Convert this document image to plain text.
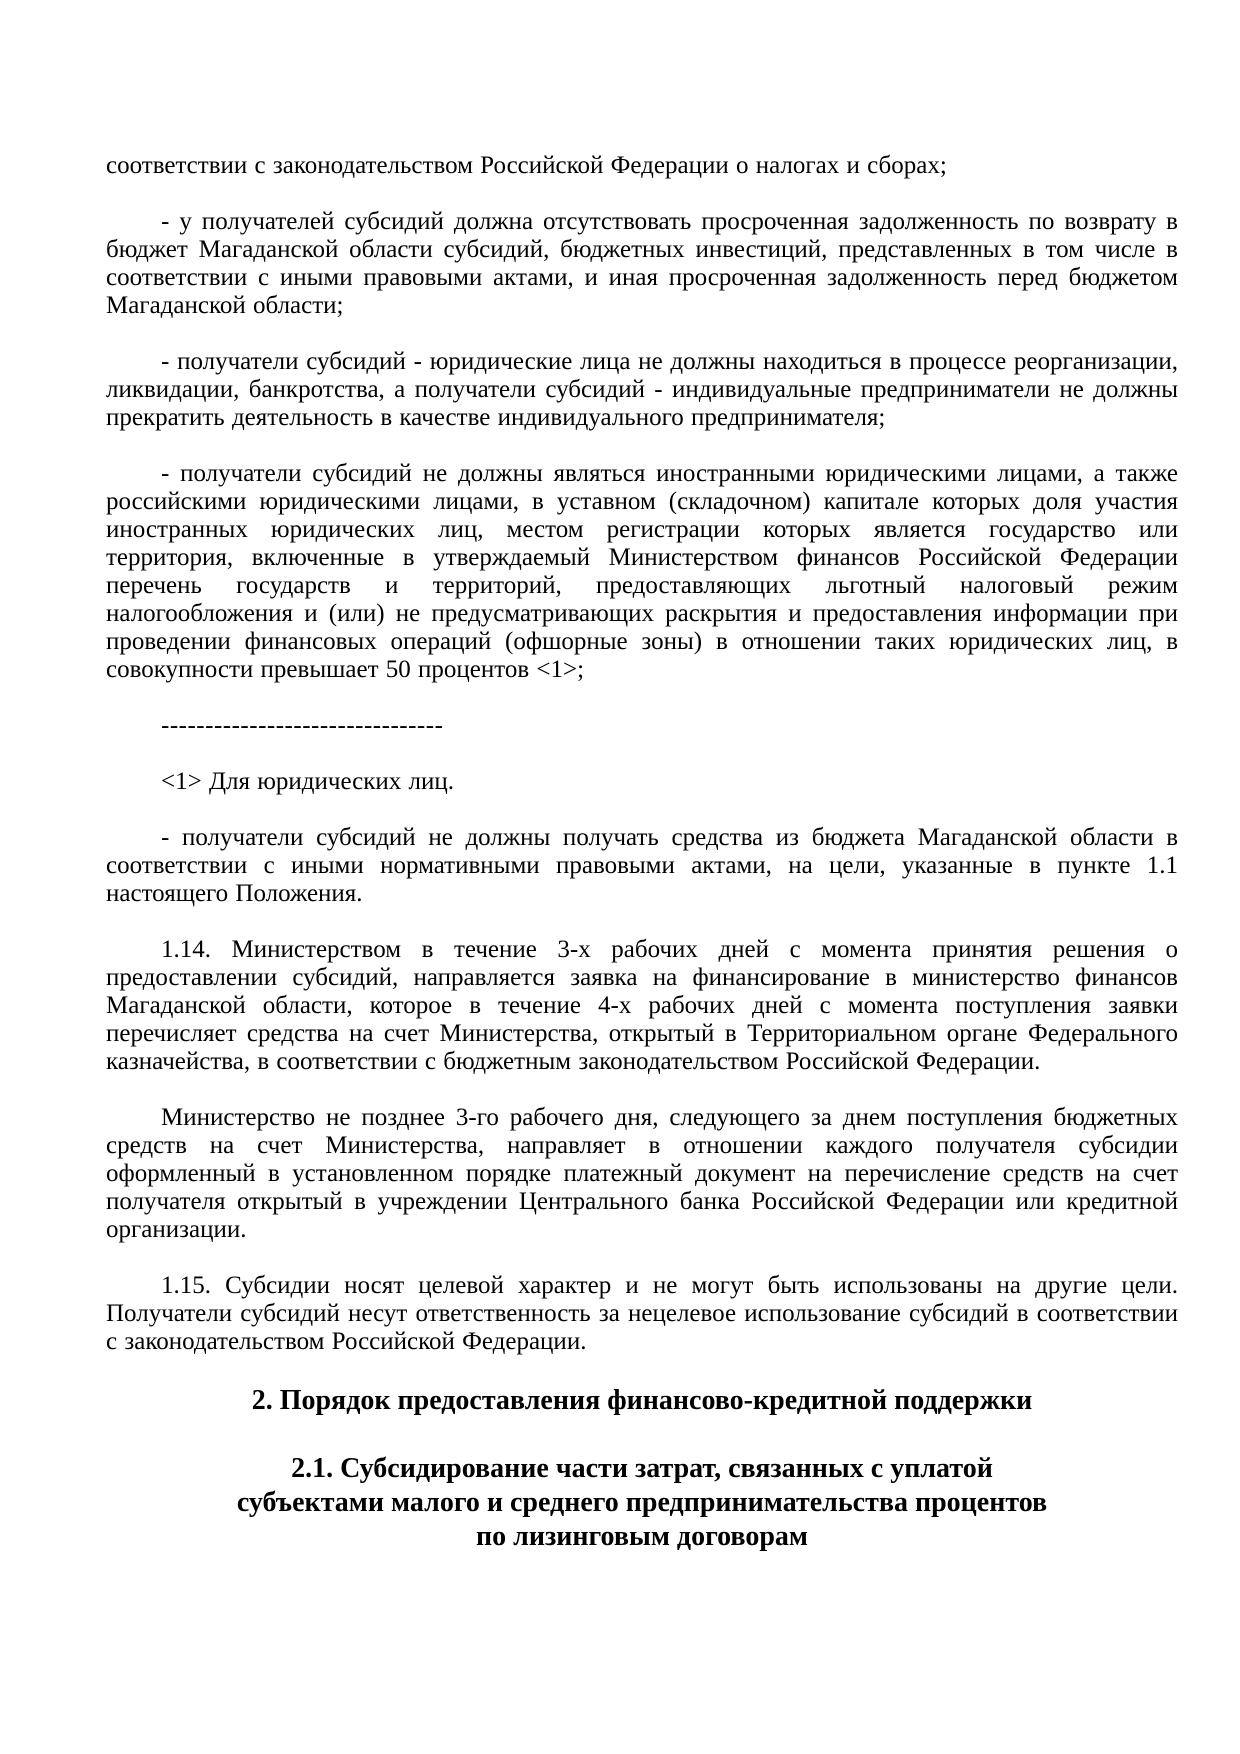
соответствии с законодательством Российской Федерации о налогах и сборах;

- у получателей субсидий должна отсутствовать просроченная задолженность по возврату в бюджет Магаданской области субсидий, бюджетных инвестиций, представленных в том числе в соответствии с иными правовыми актами, и иная просроченная задолженность перед бюджетом Магаданской области;

- получатели субсидий - юридические лица не должны находиться в процессе реорганизации, ликвидации, банкротства, а получатели субсидий - индивидуальные предприниматели не должны прекратить деятельность в качестве индивидуального предпринимателя;

- получатели субсидий не должны являться иностранными юридическими лицами, а также российскими юридическими лицами, в уставном (складочном) капитале которых доля участия иностранных юридических лиц, местом регистрации которых является государство или территория, включенные в утверждаемый Министерством финансов Российской Федерации перечень государств и территорий, предоставляющих льготный налоговый режим налогообложения и (или) не предусматривающих раскрытия и предоставления информации при проведении финансовых операций (офшорные зоны) в отношении таких юридических лиц, в совокупности превышает 50 процентов <1>;

--------------------------------

<1> Для юридических лиц.

- получатели субсидий не должны получать средства из бюджета Магаданской области в соответствии с иными нормативными правовыми актами, на цели, указанные в пункте 1.1 настоящего Положения.

1.14. Министерством в течение 3-х рабочих дней с момента принятия решения о предоставлении субсидий, направляется заявка на финансирование в министерство финансов Магаданской области, которое в течение 4-х рабочих дней с момента поступления заявки перечисляет средства на счет Министерства, открытый в Территориальном органе Федерального казначейства, в соответствии с бюджетным законодательством Российской Федерации.

Министерство не позднее 3-го рабочего дня, следующего за днем поступления бюджетных средств на счет Министерства, направляет в отношении каждого получателя субсидии оформленный в установленном порядке платежный документ на перечисление средств на счет получателя открытый в учреждении Центрального банка Российской Федерации или кредитной организации.

1.15. Субсидии носят целевой характер и не могут быть использованы на другие цели. Получатели субсидий несут ответственность за нецелевое использование субсидий в соответствии с законодательством Российской Федерации.

2. Порядок предоставления финансово-кредитной поддержки
2.1. Субсидирование части затрат, связанных с уплатой
субъектами малого и среднего предпринимательства процентов
по лизинговым договорам
